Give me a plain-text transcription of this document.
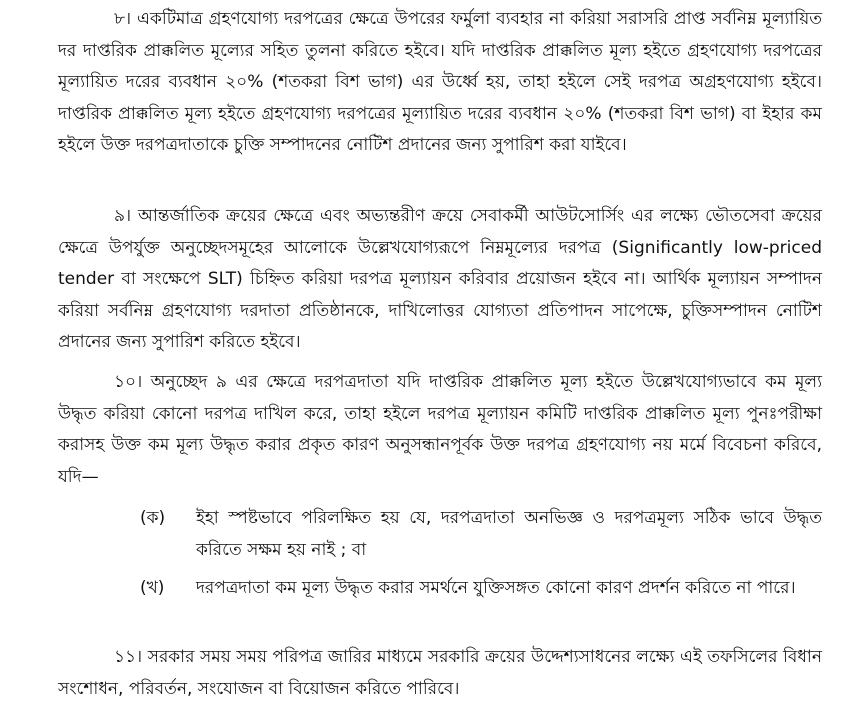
৮। একটিমাত্র গ্রহণযোগ্য দরপত্রের ক্ষেত্রে উপরের ফর্মুলা ব্যবহার না করিয়া সরাসরি প্রাপ্ত সর্বনিম্ন মূল্যায়িত দর দাপ্তরিক প্রাক্কলিত মূল্যের সহিত তুলনা করিতে হইবে। যদি দাপ্তরিক প্রাক্কলিত মূল্য হইতে গ্রহণযোগ্য দরপত্রের মূল্যায়িত দরের ব্যবধান ২০% (শতকরা বিশ ভাগ) এর উর্ধ্বে হয়, তাহা হইলে সেই দরপত্র অগ্রহণযোগ্য হইবে। দাপ্তরিক প্রাক্কলিত মূল্য হইতে গ্রহণযোগ্য দরপত্রের মূল্যায়িত দরের ব্যবধান ২০% (শতকরা বিশ ভাগ) বা ইহার কম হইলে উক্ত দরপত্রদাতাকে চুক্তি সম্পাদনের নোটিশ প্রদানের জন্য সুপারিশ করা যাইবে।

৯। আন্তর্জাতিক ক্রয়ের ক্ষেত্রে এবং অভ্যন্তরীণ ক্রয়ে সেবাকর্মী আউটসোর্সিং এর লক্ষ্যে ভৌতসেবা ক্রয়ের ক্ষেত্রে উপর্যুক্ত অনুচ্ছেদসমূহের আলোকে উল্লেখযোগ্যরূপে নিম্নমূল্যের দরপত্র (Significantly low-priced tender বা সংক্ষেপে SLT) চিহ্নিত করিয়া দরপত্র মূল্যায়ন করিবার প্রয়োজন হইবে না। আর্থিক মূল্যায়ন সম্পাদন করিয়া সর্বনিম্ন গ্রহণযোগ্য দরদাতা প্রতিষ্ঠানকে, দাখিলোত্তর যোগ্যতা প্রতিপাদন সাপেক্ষে, চুক্তিসম্পাদন নোটিশ প্রদানের জন্য সুপারিশ করিতে হইবে।

১০। অনুচ্ছেদ ৯ এর ক্ষেত্রে দরপত্রদাতা যদি দাপ্তরিক প্রাক্কলিত মূল্য হইতে উল্লেখযোগ্যভাবে কম মূল্য উদ্ধৃত করিয়া কোনো দরপত্র দাখিল করে, তাহা হইলে দরপত্র মূল্যায়ন কমিটি দাপ্তরিক প্রাক্কলিত মূল্য পুনঃপরীক্ষা করাসহ উক্ত কম মূল্য উদ্ধৃত করার প্রকৃত কারণ অনুসন্ধানপূর্বক উক্ত দরপত্র গ্রহণযোগ্য নয় মর্মে বিবেচনা করিবে, যদি—

(ক)	ইহা স্পষ্টভাবে পরিলক্ষিত হয় যে, দরপত্রদাতা অনভিজ্ঞ ও দরপত্রমূল্য সঠিক ভাবে উদ্ধৃত করিতে সক্ষম হয় নাই ; বা
(খ)	দরপত্রদাতা কম মূল্য উদ্ধৃত করার সমর্থনে যুক্তিসঙ্গত কোনো কারণ প্রদর্শন করিতে না পারে।

১১। সরকার সময় সময় পরিপত্র জারির মাধ্যমে সরকারি ক্রয়ের উদ্দেশ্যসাধনের লক্ষ্যে এই তফসিলের বিধান সংশোধন, পরিবর্তন, সংযোজন বা বিয়োজন করিতে পারিবে।
